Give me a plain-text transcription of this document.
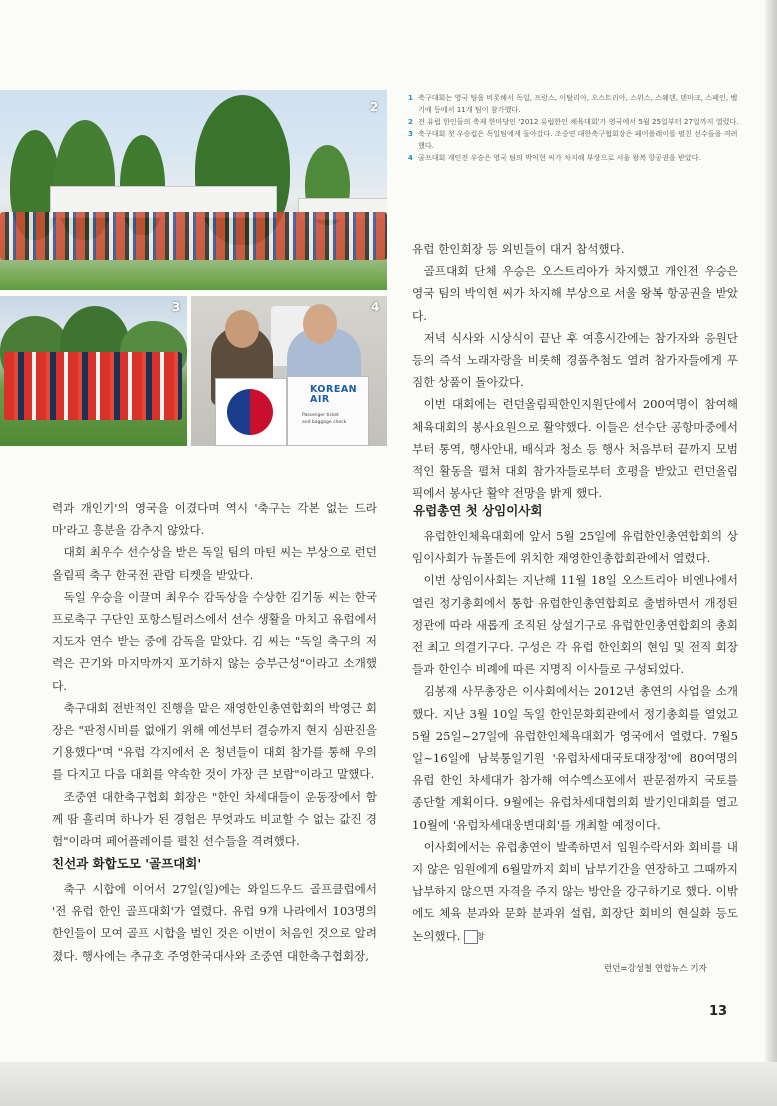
2
3
KOREAN AIR
Passenger ticket
and baggage check
4

1 축구대회는 영국 팀을 비롯해서 독일, 프랑스, 이탈리아, 오스트리아, 스위스, 스웨덴, 덴마크, 스페인, 벨기에 등에서 11개 팀이 참가했다.

2 전 유럽 한인들의 축제 한마당인 '2012 유럽한인 체육대회'가 영국에서 5월 25일부터 27일까지 열렸다.

3 축구대회 첫 우승컵은 독일팀에게 돌아갔다. 조중연 대한축구협회장은 페어플레이를 펼친 선수들을 격려했다.

4 골프대회 개인전 우승은 영국 팀의 박익현 씨가 차지해 부상으로 서울 왕복 항공권을 받았다.

력과 개인기'의 영국을 이겼다며 역시 '축구는 각본 없는 드라마'라고 흥분을 감추지 않았다.

대회 최우수 선수상을 받은 독일 팀의 마틴 씨는 부상으로 런던 올림픽 축구 한국전 관람 티켓을 받았다.

독일 우승을 이끌며 최우수 감독상을 수상한 김기동 씨는 한국 프로축구 구단인 포항스틸러스에서 선수 생활을 마치고 유럽에서 지도자 연수 받는 중에 감독을 맡았다. 김 씨는 "독일 축구의 저력은 끈기와 마지막까지 포기하지 않는 승부근성"이라고 소개했다.

축구대회 전반적인 진행을 맡은 재영한인총연합회의 박영근 회장은 "판정시비를 없애기 위해 예선부터 결승까지 현지 심판진을 기용했다"며 "유럽 각지에서 온 청년들이 대회 참가를 통해 우의를 다지고 다음 대회를 약속한 것이 가장 큰 보람"이라고 말했다.

조중연 대한축구협회 회장은 "한인 차세대들이 운동장에서 함께 땀 흘리며 하나가 된 경험은 무엇과도 비교할 수 없는 값진 경험"이라며 페어플레이를 펼친 선수들을 격려했다.

친선과 화합도모 '골프대회'

축구 시합에 이어서 27일(일)에는 와일드우드 골프클럽에서 '전 유럽 한인 골프대회'가 열렸다. 유럽 9개 나라에서 103명의 한인들이 모여 골프 시합을 벌인 것은 이번이 처음인 것으로 알려졌다. 행사에는 추규호 주영한국대사와 조중연 대한축구협회장,

유럽 한인회장 등 외빈들이 대거 참석했다.

골프대회 단체 우승은 오스트리아가 차지했고 개인전 우승은 영국 팀의 박익현 씨가 차지해 부상으로 서울 왕복 항공권을 받았다.

저녁 식사와 시상식이 끝난 후 여흥시간에는 참가자와 응원단 등의 즉석 노래자랑을 비롯해 경품추첨도 열려 참가자들에게 푸짐한 상품이 돌아갔다.

이번 대회에는 런던올림픽한인지원단에서 200여명이 참여해 체육대회의 봉사요원으로 활약했다. 이들은 선수단 공항마중에서부터 통역, 행사안내, 배식과 청소 등 행사 처음부터 끝까지 모범적인 활동을 펼쳐 대회 참가자들로부터 호평을 받았고 런던올림픽에서 봉사단 활약 전망을 밝게 했다.

유럽총연 첫 상임이사회

유럽한인체육대회에 앞서 5월 25일에 유럽한인총연합회의 상임이사회가 뉴몰든에 위치한 재영한인총합회관에서 열렸다.

이번 상임이사회는 지난해 11월 18일 오스트리아 비엔나에서 열린 정기총회에서 통합 유럽한인총연합회로 출범하면서 개정된 정관에 따라 새롭게 조직된 상설기구로 유럽한인총연합회의 총회 전 최고 의결기구다. 구성은 각 유럽 한인회의 현임 및 전직 회장들과 한인수 비례에 따른 지명직 이사들로 구성되었다.

김봉재 사무총장은 이사회에서는 2012년 총연의 사업을 소개했다. 지난 3월 10일 독일 한인문화회관에서 정기총회를 열었고 5월 25일~27일에 유럽한인체육대회가 영국에서 열렸다. 7월5일~16일에 남북통일기원 '유럽차세대국토대장정'에 80여명의 유럽 한인 차세대가 참가해 여수엑스포에서 판문점까지 국토를 종단할 계획이다. 9월에는 유럽차세대협의회 발기인대회를 열고 10월에 '유럽차세대웅변대회'를 개최할 예정이다.

이사회에서는 유럽총연이 발족하면서 임원수락서와 회비를 내지 않은 임원에게 6월말까지 회비 납부기간을 연장하고 그때까지 납부하지 않으면 자격을 주지 않는 방안을 강구하기로 했다. 이밖에도 체육 분과와 문화 분과위 설립, 회장단 회비의 현실화 등도 논의했다. 창

런던=강성철 연합뉴스 기자
13
